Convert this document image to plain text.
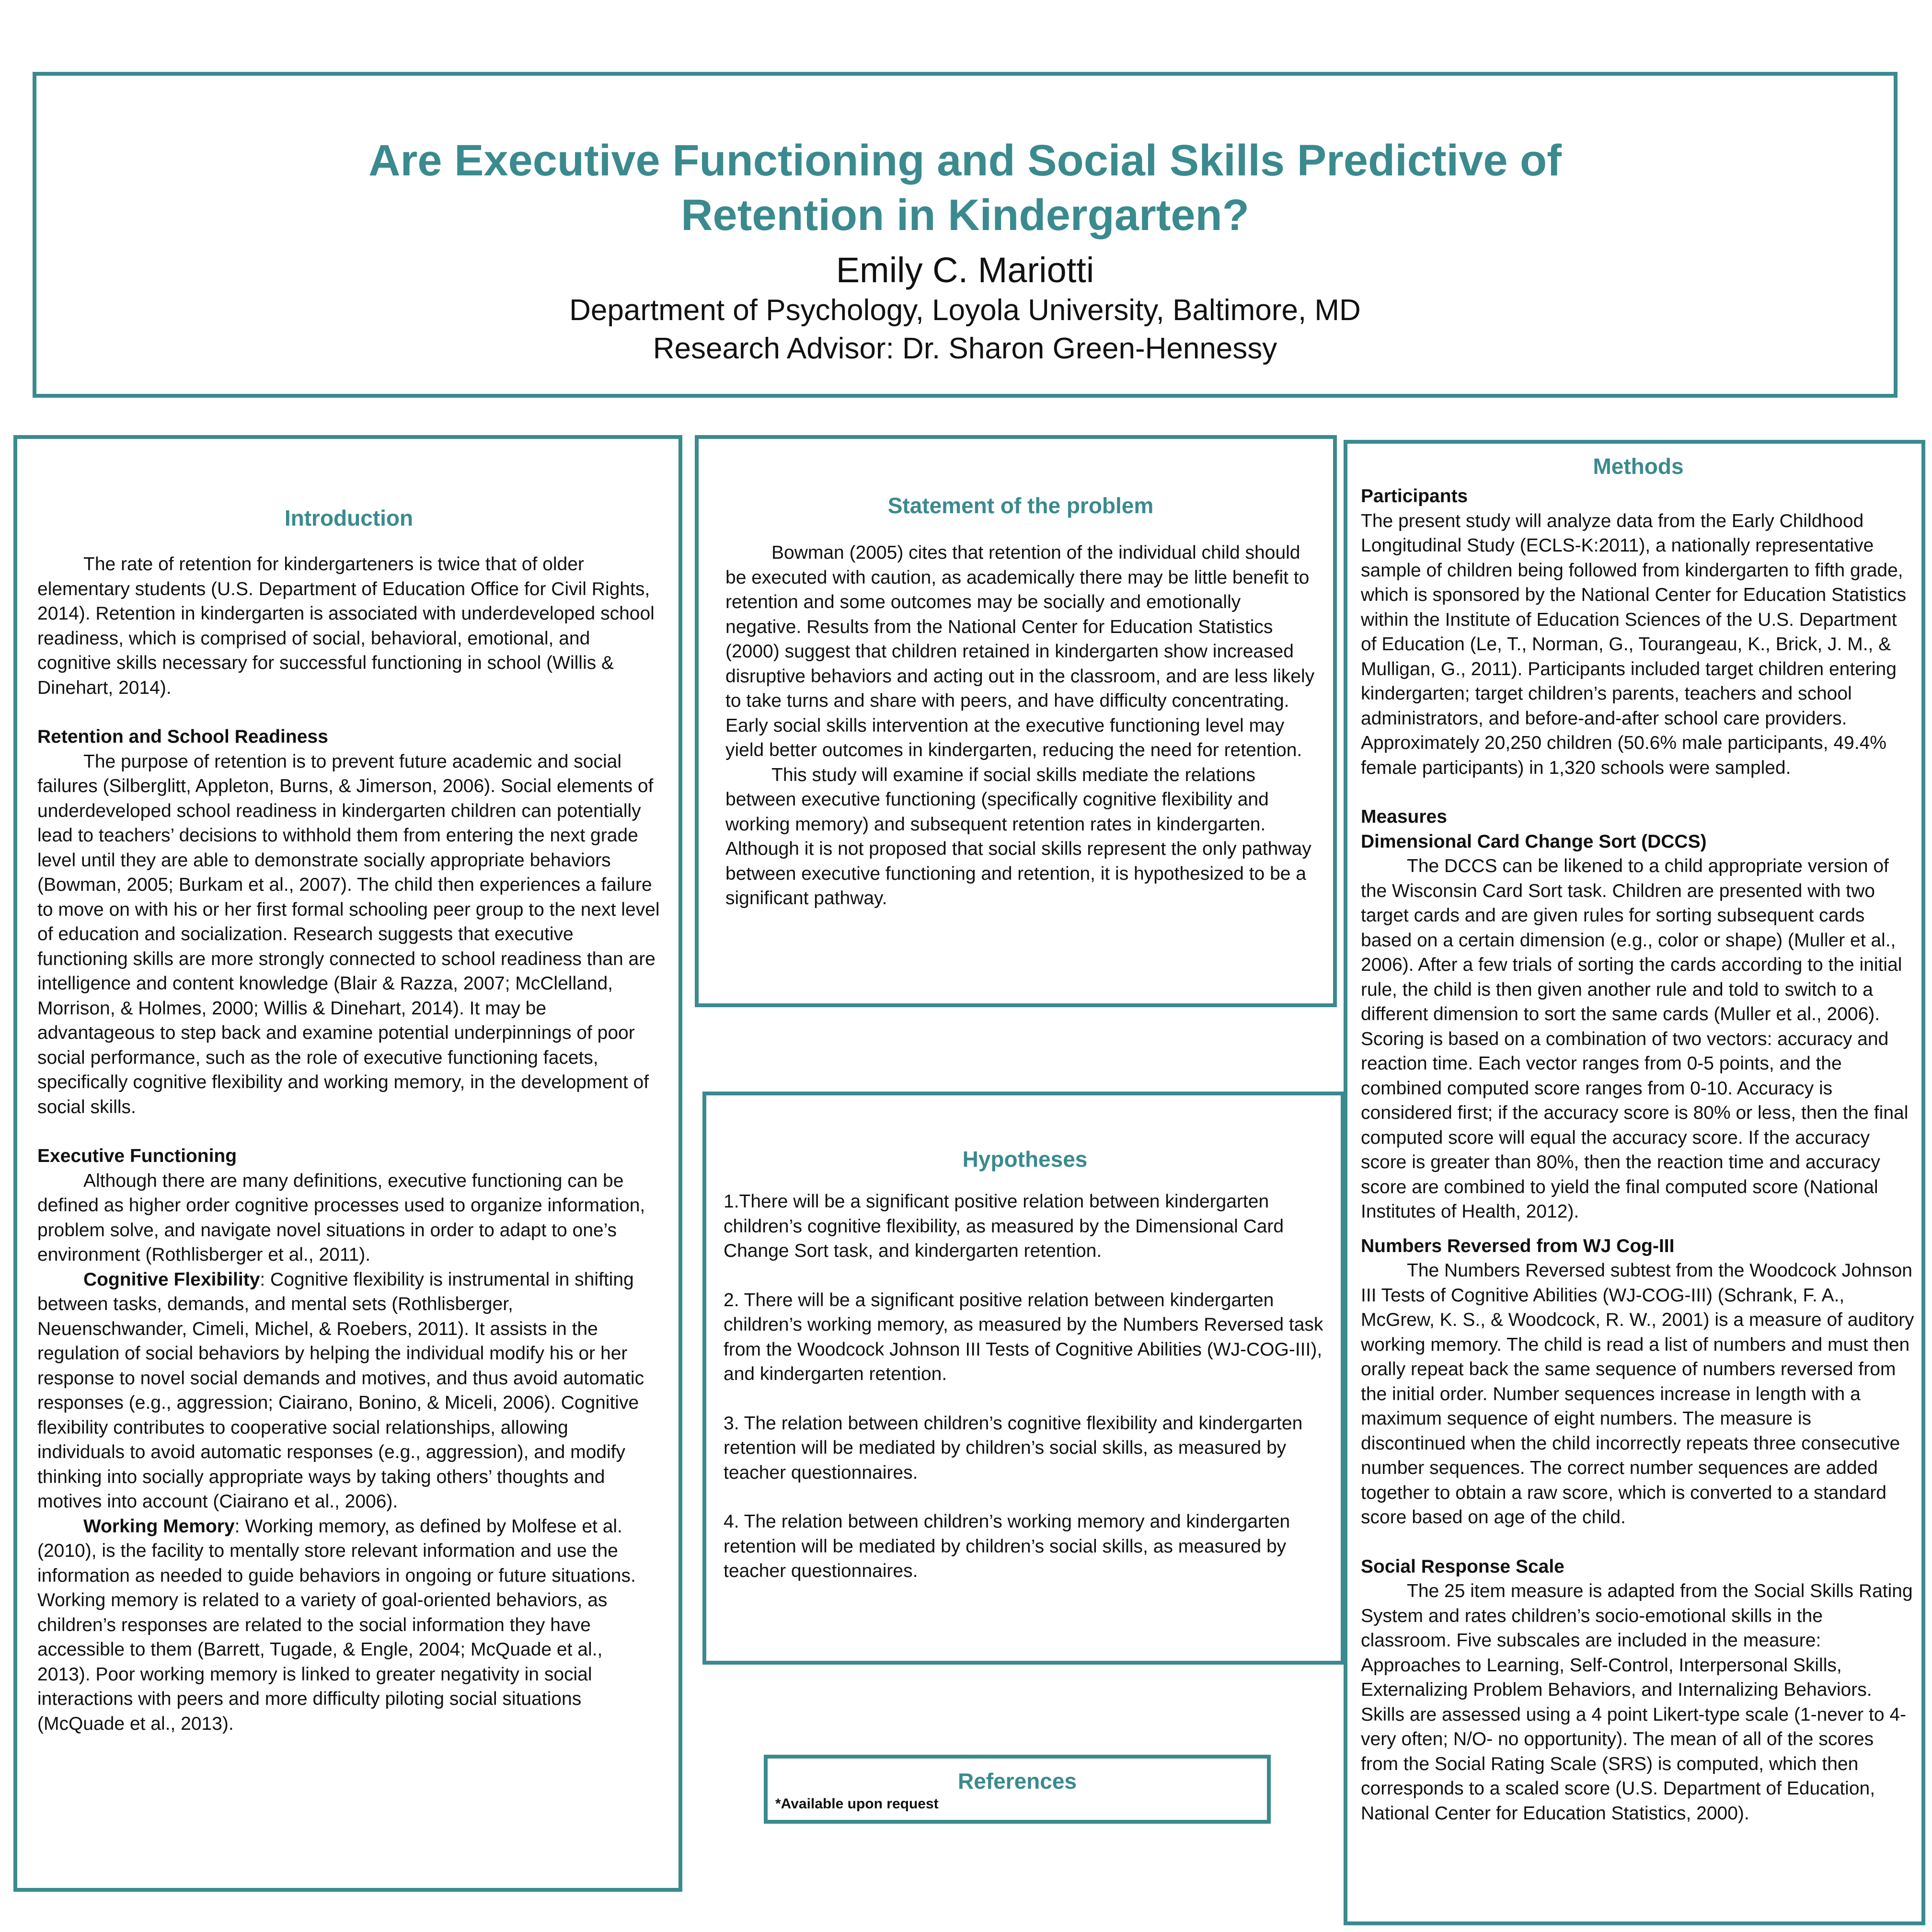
Are Executive Functioning and Social Skills Predictive of
Retention in Kindergarten?
Emily C. Mariotti
Department of Psychology, Loyola University, Baltimore, MD
Research Advisor: Dr. Sharon Green-Hennessy

Introduction

The rate of retention for kindergarteners is twice that of older elementary students (U.S. Department of Education Office for Civil Rights, 2014). Retention in kindergarten is associated with underdeveloped school readiness, which is comprised of social, behavioral, emotional, and cognitive skills necessary for successful functioning in school (Willis & Dinehart, 2014).

Retention and School Readiness

The purpose of retention is to prevent future academic and social failures (Silberglitt, Appleton, Burns, & Jimerson, 2006). Social elements of underdeveloped school readiness in kindergarten children can potentially lead to teachers’ decisions to withhold them from entering the next grade level until they are able to demonstrate socially appropriate behaviors (Bowman, 2005; Burkam et al., 2007). The child then experiences a failure to move on with his or her first formal schooling peer group to the next level of education and socialization. Research suggests that executive functioning skills are more strongly connected to school readiness than are intelligence and content knowledge (Blair & Razza, 2007; McClelland, Morrison, & Holmes, 2000; Willis & Dinehart, 2014). It may be advantageous to step back and examine potential underpinnings of poor social performance, such as the role of executive functioning facets, specifically cognitive flexibility and working memory, in the development of social skills.

Executive Functioning

Although there are many definitions, executive functioning can be defined as higher order cognitive processes used to organize information, problem solve, and navigate novel situations in order to adapt to one’s environment (Rothlisberger et al., 2011).

Cognitive Flexibility: Cognitive flexibility is instrumental in shifting between tasks, demands, and mental sets (Rothlisberger, Neuenschwander, Cimeli, Michel, & Roebers, 2011). It assists in the regulation of social behaviors by helping the individual modify his or her response to novel social demands and motives, and thus avoid automatic responses (e.g., aggression; Ciairano, Bonino, & Miceli, 2006). Cognitive flexibility contributes to cooperative social relationships, allowing individuals to avoid automatic responses (e.g., aggression), and modify thinking into socially appropriate ways by taking others’ thoughts and motives into account (Ciairano et al., 2006).

Working Memory: Working memory, as defined by Molfese et al. (2010), is the facility to mentally store relevant information and use the information as needed to guide behaviors in ongoing or future situations. Working memory is related to a variety of goal-oriented behaviors, as children’s responses are related to the social information they have accessible to them (Barrett, Tugade, & Engle, 2004; McQuade et al., 2013). Poor working memory is linked to greater negativity in social interactions with peers and more difficulty piloting social situations (McQuade et al., 2013).

Statement of the problem

Bowman (2005) cites that retention of the individual child should be executed with caution, as academically there may be little benefit to retention and some outcomes may be socially and emotionally negative. Results from the National Center for Education Statistics (2000) suggest that children retained in kindergarten show increased disruptive behaviors and acting out in the classroom, and are less likely to take turns and share with peers, and have difficulty concentrating. Early social skills intervention at the executive functioning level may yield better outcomes in kindergarten, reducing the need for retention.

This study will examine if social skills mediate the relations between executive functioning (specifically cognitive flexibility and working memory) and subsequent retention rates in kindergarten. Although it is not proposed that social skills represent the only pathway between executive functioning and retention, it is hypothesized to be a significant pathway.

Hypotheses

1.There will be a significant positive relation between kindergarten children’s cognitive flexibility, as measured by the Dimensional Card Change Sort task, and kindergarten retention.

2. There will be a significant positive relation between kindergarten children’s working memory, as measured by the Numbers Reversed task from the Woodcock Johnson III Tests of Cognitive Abilities (WJ-COG-III), and kindergarten retention.

3. The relation between children’s cognitive flexibility and kindergarten retention will be mediated by children’s social skills, as measured by teacher questionnaires.

4. The relation between children’s working memory and kindergarten retention will be mediated by children’s social skills, as measured by teacher questionnaires.

References

*Available upon request

Methods

Participants

The present study will analyze data from the Early Childhood Longitudinal Study (ECLS-K:2011), a nationally representative sample of children being followed from kindergarten to fifth grade, which is sponsored by the National Center for Education Statistics within the Institute of Education Sciences of the U.S. Department of Education (Le, T., Norman, G., Tourangeau, K., Brick, J. M., & Mulligan, G., 2011). Participants included target children entering kindergarten; target children’s parents, teachers and school administrators, and before-and-after school care providers. Approximately 20,250 children (50.6% male participants, 49.4% female participants) in 1,320 schools were sampled.

Measures

Dimensional Card Change Sort (DCCS)

The DCCS can be likened to a child appropriate version of the Wisconsin Card Sort task. Children are presented with two target cards and are given rules for sorting subsequent cards based on a certain dimension (e.g., color or shape) (Muller et al., 2006). After a few trials of sorting the cards according to the initial rule, the child is then given another rule and told to switch to a different dimension to sort the same cards (Muller et al., 2006). Scoring is based on a combination of two vectors: accuracy and reaction time. Each vector ranges from 0-5 points, and the combined computed score ranges from 0-10. Accuracy is considered first; if the accuracy score is 80% or less, then the final computed score will equal the accuracy score. If the accuracy score is greater than 80%, then the reaction time and accuracy score are combined to yield the final computed score (National Institutes of Health, 2012).

Numbers Reversed from WJ Cog-III

The Numbers Reversed subtest from the Woodcock Johnson III Tests of Cognitive Abilities (WJ-COG-III) (Schrank, F. A., McGrew, K. S., & Woodcock, R. W., 2001) is a measure of auditory working memory. The child is read a list of numbers and must then orally repeat back the same sequence of numbers reversed from the initial order. Number sequences increase in length with a maximum sequence of eight numbers. The measure is discontinued when the child incorrectly repeats three consecutive number sequences. The correct number sequences are added together to obtain a raw score, which is converted to a standard score based on age of the child.

Social Response Scale

The 25 item measure is adapted from the Social Skills Rating System and rates children’s socio-emotional skills in the classroom. Five subscales are included in the measure: Approaches to Learning, Self-Control, Interpersonal Skills, Externalizing Problem Behaviors, and Internalizing Behaviors. Skills are assessed using a 4 point Likert-type scale (1-never to 4-very often; N/O- no opportunity). The mean of all of the scores from the Social Rating Scale (SRS) is computed, which then corresponds to a scaled score (U.S. Department of Education, National Center for Education Statistics, 2000).
